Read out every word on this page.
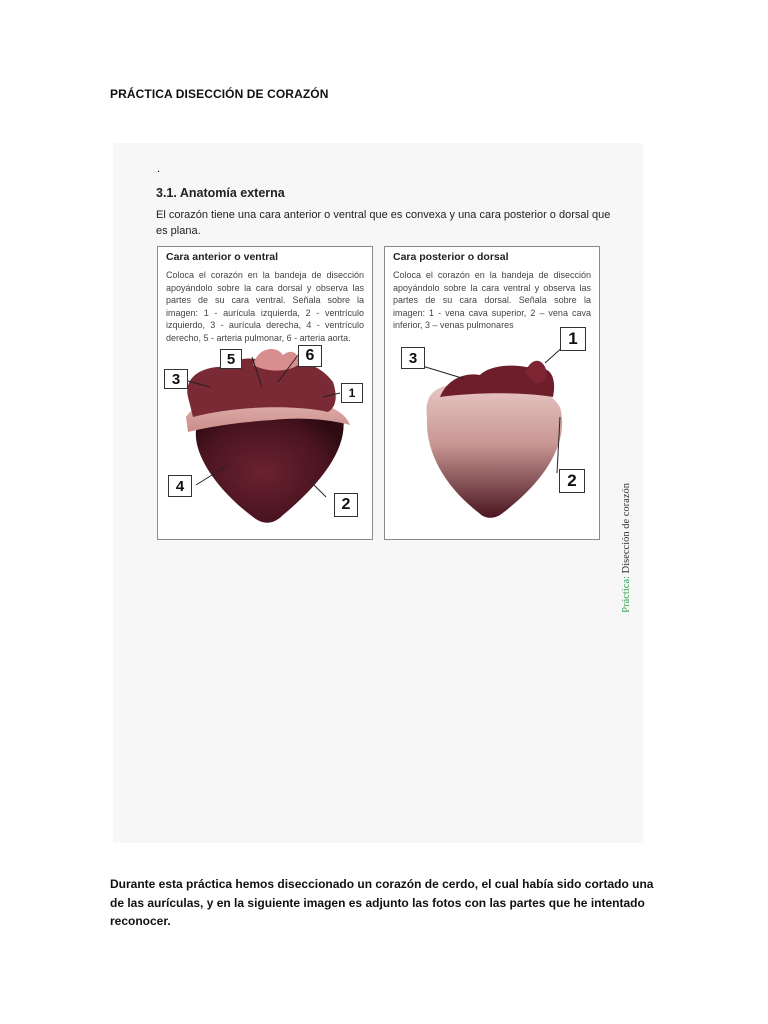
PRÁCTICA DISECCIÓN DE CORAZÓN
.
3.1. Anatomía externa
El corazón tiene una cara anterior o ventral que es convexa y una cara posterior o dorsal que es plana.
Cara anterior o ventral
Coloca el corazón en la bandeja de disección apoyándolo sobre la cara dorsal y observa las partes de su cara ventral. Señala sobre la imagen: 1 - aurícula izquierda, 2 - ventrículo izquierdo, 3 - aurícula derecha, 4 - ventrículo derecho, 5 - arteria pulmonar, 6 - arteria aorta.
5	6
3
1
4
2
Cara posterior o dorsal
Coloca el corazón en la bandeja de disección apoyándolo sobre la cara ventral y observa las partes de su cara dorsal. Señala sobre la imagen: 1 - vena cava superior, 2 – vena cava inferior, 3 – venas pulmonares
3
1
2
Práctica: Disección de corazón
Durante esta práctica hemos diseccionado un corazón de cerdo, el cual había sido cortado una de las aurículas, y en la siguiente imagen es adjunto las fotos con las partes que he intentado reconocer.
